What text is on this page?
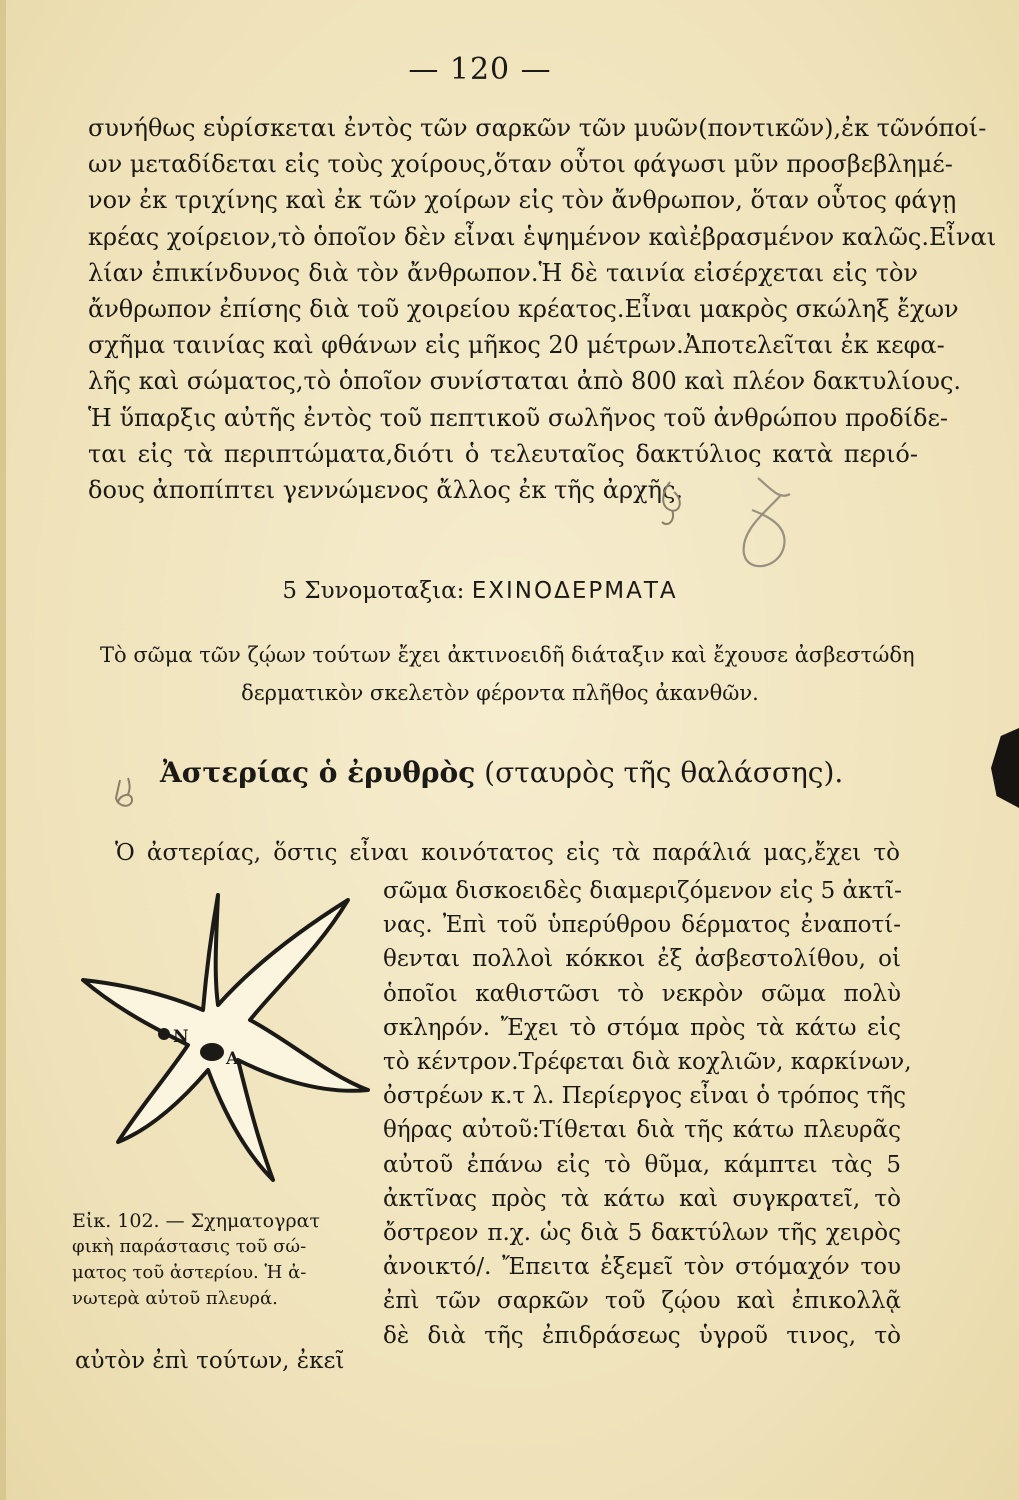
— 120 —
συνήθως εὑρίσκεται ἐντὸς τῶν σαρκῶν τῶν μυῶν(ποντικῶν),ἐκ τῶνόποί-
ων μεταδίδεται εἰς τοὺς χοίρους,ὅταν οὗτοι φάγωσι μῦν προσβεβλημέ-
νον ἐκ τριχίνης καὶ ἐκ τῶν χοίρων εἰς τὸν ἄνθρωπον, ὅταν οὗτος φάγῃ
κρέας χοίρειον,τὸ ὁποῖον δὲν εἶναι ἑψημένον καὶἐβρασμένον καλῶς.Εἶναι
λίαν ἐπικίνδυνος διὰ τὸν ἄνθρωπον.Ἡ δὲ ταινία εἰσέρχεται εἰς τὸν
ἄνθρωπον ἐπίσης διὰ τοῦ χοιρείου κρέατος.Εἶναι μακρὸς σκώληξ ἔχων
σχῆμα ταινίας καὶ φθάνων εἰς μῆκος 20 μέτρων.Ἀποτελεῖται ἐκ κεφα-
λῆς καὶ σώματος,τὸ ὁποῖον συνίσταται ἀπὸ 800 καὶ πλέον δακτυλίους.
Ἡ ὕπαρξις αὐτῆς ἐντὸς τοῦ πεπτικοῦ σωλῆνος τοῦ ἀνθρώπου προδίδε-
ται εἰς τὰ περιπτώματα,διότι ὁ τελευταῖος δακτύλιος κατὰ περιό-
δους ἀποπίπτει γεννώμενος ἄλλος ἐκ τῆς ἀρχῆς.
5 Συνομοταξια: ΕΧΙΝΟΔΕΡΜΑΤΑ
Τὸ σῶμα τῶν ζῴων τούτων ἔχει ἀκτινοειδῆ διάταξιν καὶ ἔχουσε ἀσβεστώδη
δερματικὸν σκελετὸν φέροντα πλῆθος ἀκανθῶν.
Ἀστερίας ὁ ἐρυθρὸς (σταυρὸς τῆς θαλάσσης).
Ὁ ἀστερίας, ὅστις εἶναι κοινότατος εἰς τὰ παράλιά μας,ἔχει τὸ
Ν
Α
σῶμα δισκοειδὲς διαμεριζόμενον εἰς 5 ἀκτῖ-
νας. Ἐπὶ τοῦ ὑπερύθρου δέρματος ἐναποτί-
θενται πολλοὶ κόκκοι ἐξ ἀσβεστολίθου, οἱ
ὁποῖοι καθιστῶσι τὸ νεκρὸν σῶμα πολὺ
σκληρόν. Ἔχει τὸ στόμα πρὸς τὰ κάτω εἰς
τὸ κέντρον.Τρέφεται διὰ κοχλιῶν, καρκίνων,
ὀστρέων κ.τ λ. Περίεργος εἶναι ὁ τρόπος τῆς
θήρας αὐτοῦ:Τίθεται διὰ τῆς κάτω πλευρᾶς
αὐτοῦ ἐπάνω εἰς τὸ θῦμα, κάμπτει τὰς 5
ἀκτῖνας πρὸς τὰ κάτω καὶ συγκρατεῖ, τὸ
ὄστρεον π.χ. ὡς διὰ 5 δακτύλων τῆς χειρὸς
ἀνοικτό/. Ἔπειτα ἐξεμεῖ τὸν στόμαχόν του
ἐπὶ τῶν σαρκῶν τοῦ ζῴου καὶ ἐπικολλᾷ
δὲ διὰ τῆς ἐπιδράσεως ὑγροῦ τινος, τὸ
Εἰκ. 102. — Σχηματογρατ
φικὴ παράστασις τοῦ σώ-
ματος τοῦ ἀστερίου. Ἡ ἀ-
νωτερὰ αὐτοῦ πλευρά.
αὐτὸν ἐπὶ τούτων, ἐκεῖ
